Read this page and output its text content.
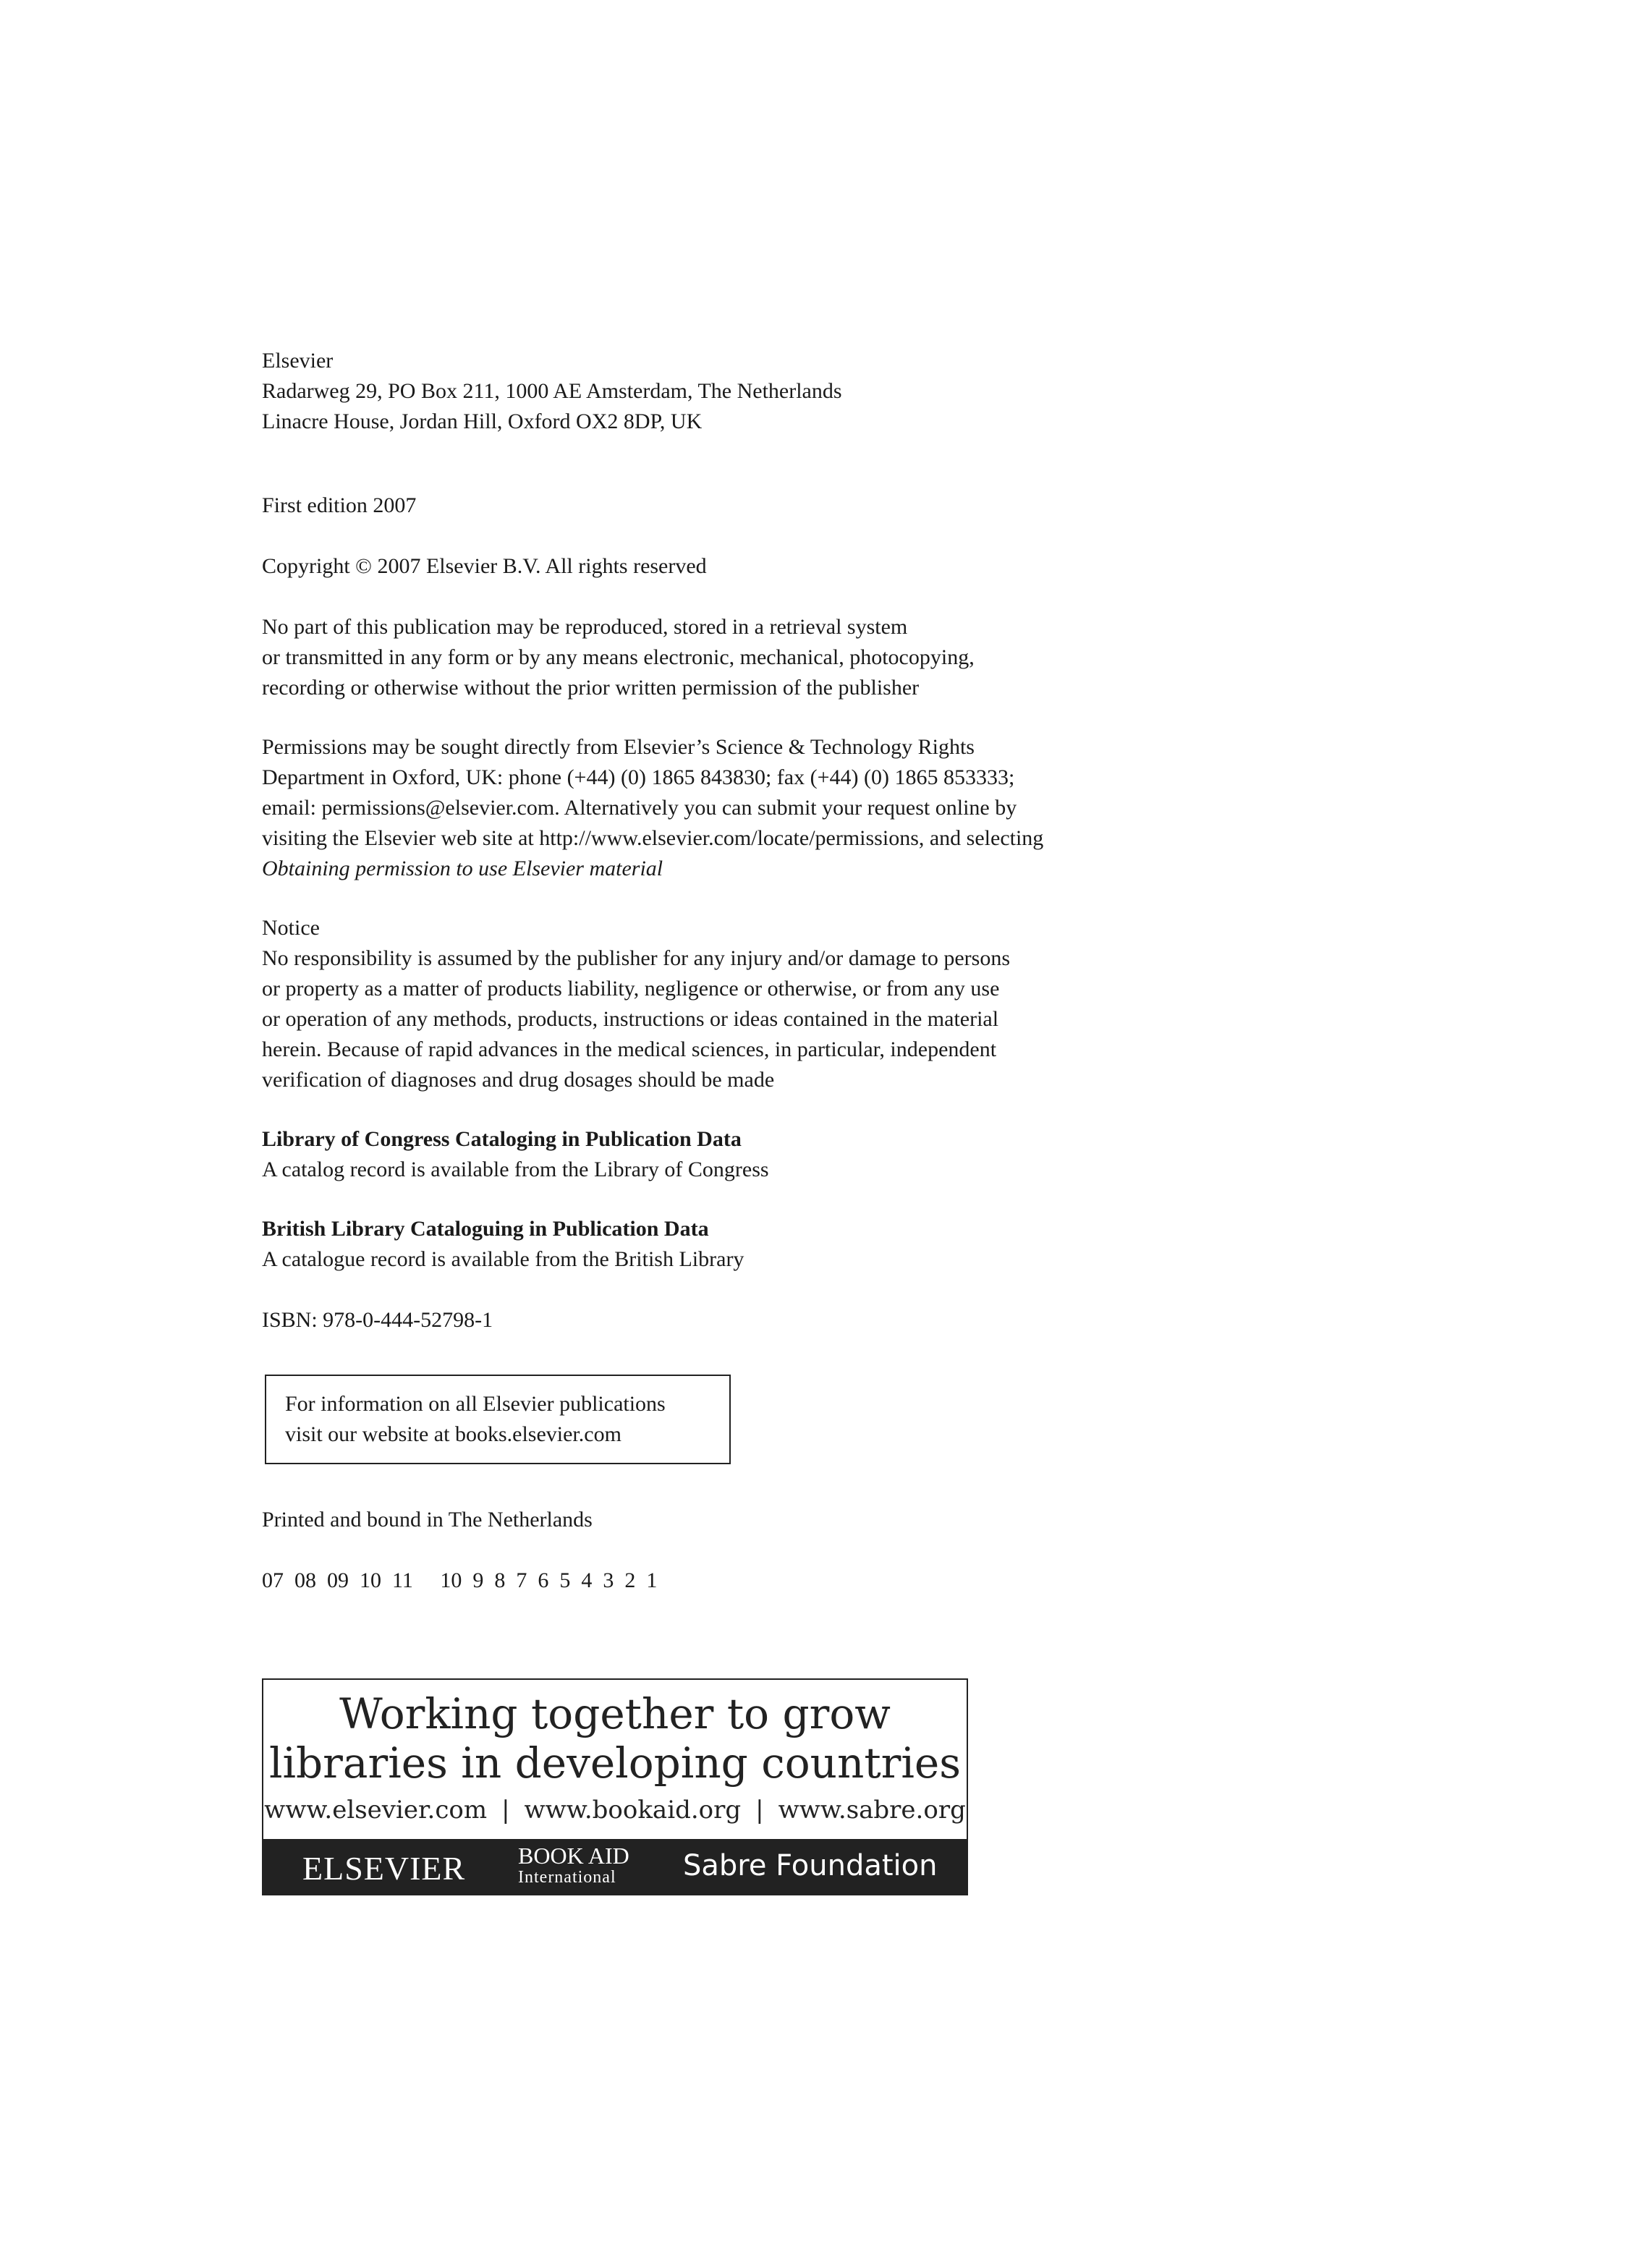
Elsevier
Radarweg 29, PO Box 211, 1000 AE Amsterdam, The Netherlands
Linacre House, Jordan Hill, Oxford OX2 8DP, UK
First edition 2007
Copyright © 2007 Elsevier B.V. All rights reserved
No part of this publication may be reproduced, stored in a retrieval system
or transmitted in any form or by any means electronic, mechanical, photocopying,
recording or otherwise without the prior written permission of the publisher
Permissions may be sought directly from Elsevier’s Science & Technology Rights
Department in Oxford, UK: phone (+44) (0) 1865 843830; fax (+44) (0) 1865 853333;
email: permissions@elsevier.com. Alternatively you can submit your request online by
visiting the Elsevier web site at http://www.elsevier.com/locate/permissions, and selecting
Obtaining permission to use Elsevier material
Notice
No responsibility is assumed by the publisher for any injury and/or damage to persons
or property as a matter of products liability, negligence or otherwise, or from any use
or operation of any methods, products, instructions or ideas contained in the material
herein. Because of rapid advances in the medical sciences, in particular, independent
verification of diagnoses and drug dosages should be made
Library of Congress Cataloging in Publication Data
A catalog record is available from the Library of Congress
British Library Cataloguing in Publication Data
A catalogue record is available from the British Library
ISBN: 978-0-444-52798-1
For information on all Elsevier publications
visit our website at books.elsevier.com
Printed and bound in The Netherlands
07  08  09  10  11     10  9  8  7  6  5  4  3  2  1
Working together to grow
libraries in developing countries
www.elsevier.com | www.bookaid.org | www.sabre.org
ELSEVIER BOOK AID
International	Sabre Foundation
